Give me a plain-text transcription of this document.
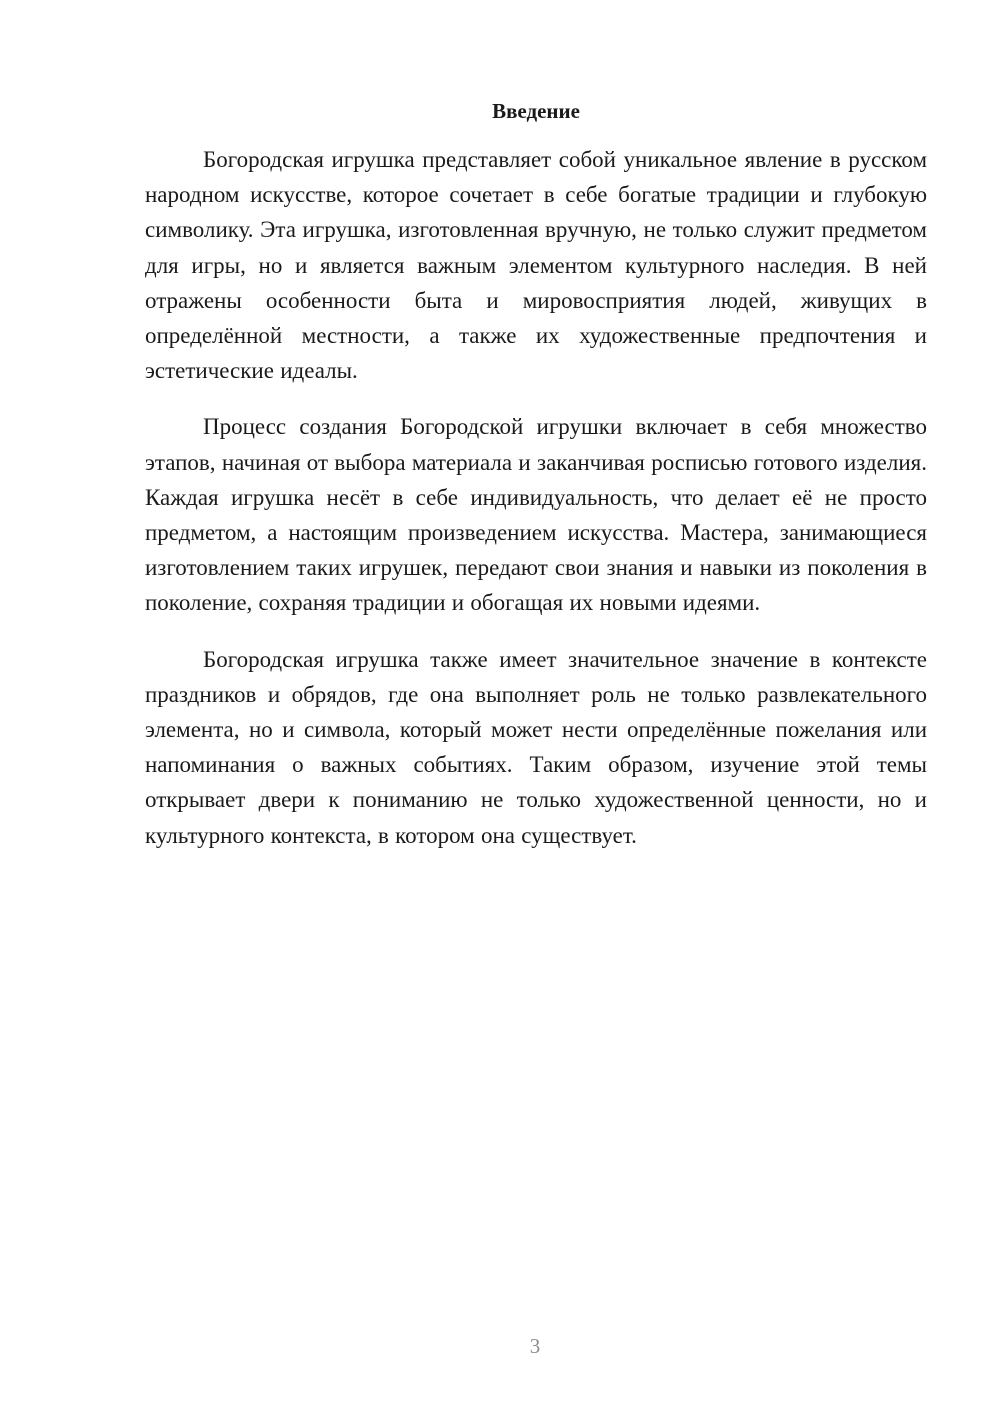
Введение

Богородская игрушка представляет собой уникальное явление в русском народном искусстве, которое сочетает в себе богатые традиции и глубокую символику. Эта игрушка, изготовленная вручную, не только служит предметом для игры, но и является важным элементом культурного наследия. В ней отражены особенности быта и мировосприятия людей, живущих в определённой местности, а также их художественные предпочтения и эстетические идеалы.

Процесс создания Богородской игрушки включает в себя множество этапов, начиная от выбора материала и заканчивая росписью готового изделия. Каждая игрушка несёт в себе индивидуальность, что делает её не просто предметом, а настоящим произведением искусства. Мастера, занимающиеся изготовлением таких игрушек, передают свои знания и навыки из поколения в поколение, сохраняя традиции и обогащая их новыми идеями.

Богородская игрушка также имеет значительное значение в контексте праздников и обрядов, где она выполняет роль не только развлекательного элемента, но и символа, который может нести определённые пожелания или напоминания о важных событиях. Таким образом, изучение этой темы открывает двери к пониманию не только художественной ценности, но и культурного контекста, в котором она существует.

3
